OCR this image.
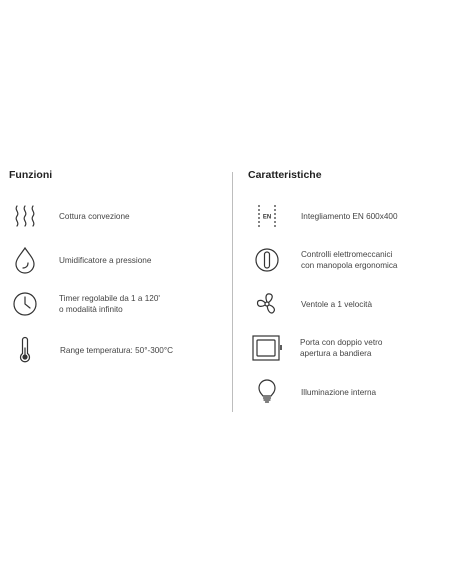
Funzioni
Cottura convezione
Umidificatore a pressione
Timer regolabile da 1 a 120'
o modalità infinito
Range temperatura: 50°-300°C
Caratteristiche
EN	Integliamento EN 600x400
Controlli elettromeccanici
con manopola ergonomica
Ventole a 1 velocità
Porta con doppio vetro
apertura a bandiera
Illuminazione interna
